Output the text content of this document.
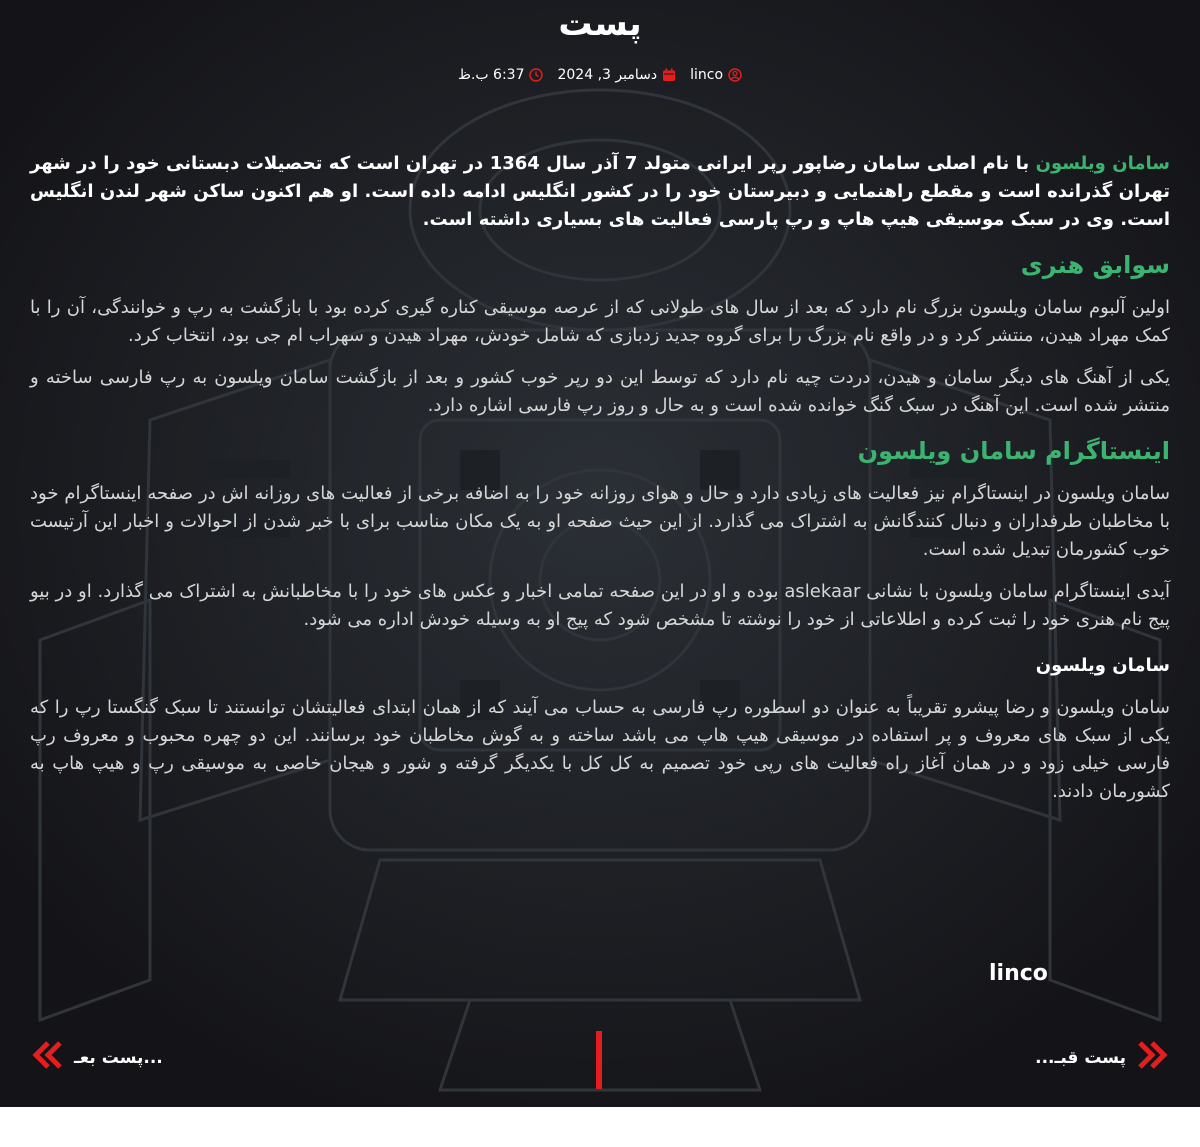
پست
linco
دسامبر 3, 2024
6:37 ب.ظ

سامان ویلسون با نام اصلی سامان رضاپور رپر ایرانی متولد 7 آذر سال 1364 در تهران است که تحصیلات دبستانی خود را در شهر تهران گذرانده است و مقطع راهنمایی و دبیرستان خود را در کشور انگلیس ادامه داده است. او هم اکنون ساکن شهر لندن انگلیس است. وی در سبک موسیقی هیپ هاپ و رپ پارسی فعالیت های بسیاری داشته است.

سوابق هنری

اولین آلبوم سامان ویلسون بزرگ نام دارد که بعد از سال های طولانی که از عرصه موسیقی کناره گیری کرده بود با بازگشت به رپ و خوانندگی، آن را با کمک مهراد هیدن، منتشر کرد و در واقع نام بزرگ را برای گروه جدید زدبازی که شامل خودش، مهراد هیدن و سهراب ام جی بود، انتخاب کرد.

یکی از آهنگ های دیگر سامان و هیدن، دردت چیه نام دارد که توسط این دو رپر خوب کشور و بعد از بازگشت سامان ویلسون به رپ فارسی ساخته و منتشر شده است. این آهنگ در سبک گنگ خوانده شده است و به حال و روز رپ فارسی اشاره دارد.

اینستاگرام سامان ویلسون

سامان ویلسون در اینستاگرام نیز فعالیت های زیادی دارد و حال و هوای روزانه خود را به اضافه برخی از فعالیت های روزانه اش در صفحه اینستاگرام خود با مخاطبان طرفداران و دنبال کنندگانش به اشتراک می گذارد. از این حیث صفحه او به یک مکان مناسب برای با خبر شدن از احوالات و اخبار این آرتیست خوب کشورمان تبدیل شده است.

آیدی اینستاگرام سامان ویلسون با نشانی aslekaar بوده و او در این صفحه تمامی اخبار و عکس های خود را با مخاطبانش به اشتراک می گذارد. او در بیو پیج نام هنری خود را ثبت کرده و اطلاعاتی از خود را نوشته تا مشخص شود که پیج او به وسیله خودش اداره می شود.

سامان ویلسون

سامان ویلسون و رضا پیشرو تقریباً به عنوان دو اسطوره رپ فارسی به حساب می آیند که از همان ابتدای فعالیتشان توانستند تا سبک گنگستا رپ را که یکی از سبک های معروف و پر استفاده در موسیقی هیپ هاپ می باشد ساخته و به گوش مخاطبان خود برسانند. این دو چهره محبوب و معروف رپ فارسی خیلی زود و در همان آغاز راه فعالیت های رپی خود تصمیم به کل کل با یکدیگر گرفته و شور و هیجان خاصی به موسیقی رپ و هیپ هاپ به کشورمان دادند.

linco
پست قبـ...
پست بعـ...
